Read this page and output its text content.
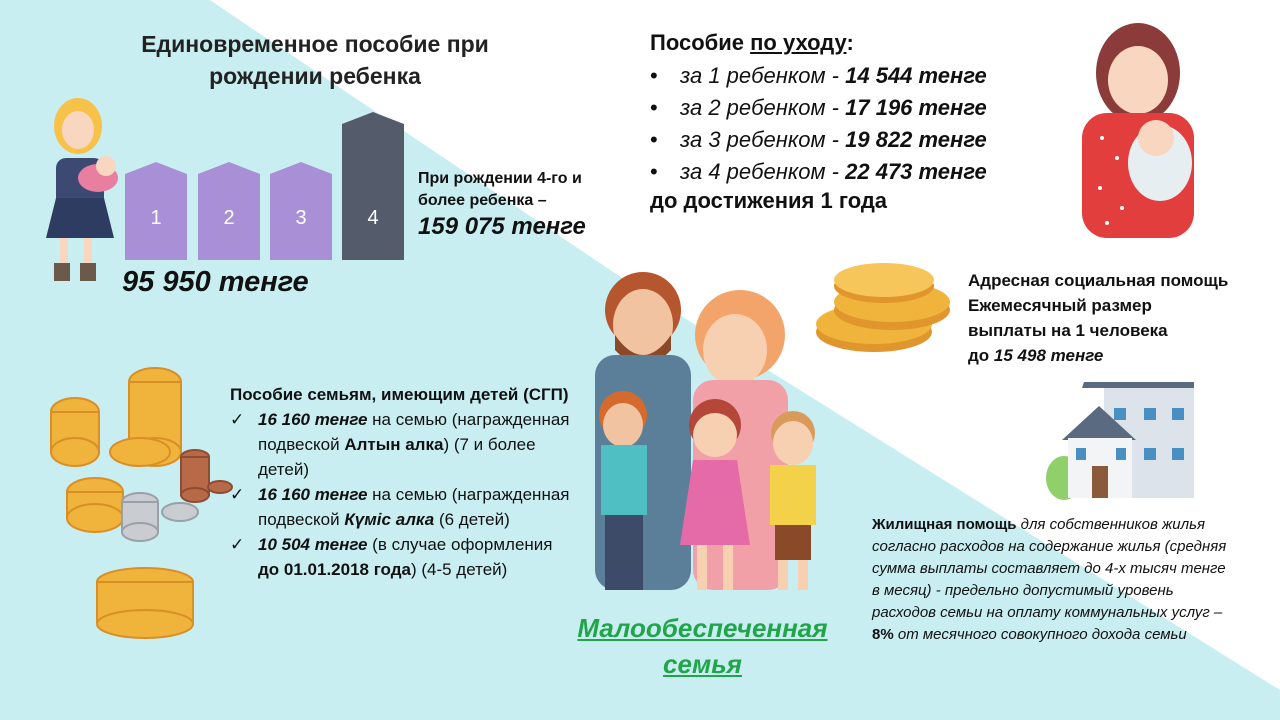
Единовременное пособие при рождении ребенка
1	2	3	4
95 950 тенге
При рождении 4-го и более ребенка –
159 075 тенге
Пособие по уходу:
• за 1 ребенком - 14 544 тенге
• за 2 ребенком - 17 196 тенге
• за 3 ребенком - 19 822 тенге
• за 4 ребенком - 22 473 тенге
до достижения 1 года
Адресная социальная помощь
Ежемесячный размер
выплаты на 1 человека
до 15 498 тенге
Пособие семьям, имеющим детей (СГП)
✓ 16 160 тенге на семью (награжденная подвеской Алтын алка) (7 и более детей)
✓ 16 160 тенге на семью (награжденная подвеской Күміс алка (6 детей)
✓ 10 504 тенге (в случае оформления до 01.01.2018 года) (4-5 детей)
Малообеспеченная семья
Жилищная помощь для собственников жилья согласно расходов на содержание жилья (средняя сумма выплаты составляет до 4-х тысяч тенге в месяц) - предельно допустимый уровень расходов семьи на оплату коммунальных услуг – 8% от месячного совокупного дохода семьи
